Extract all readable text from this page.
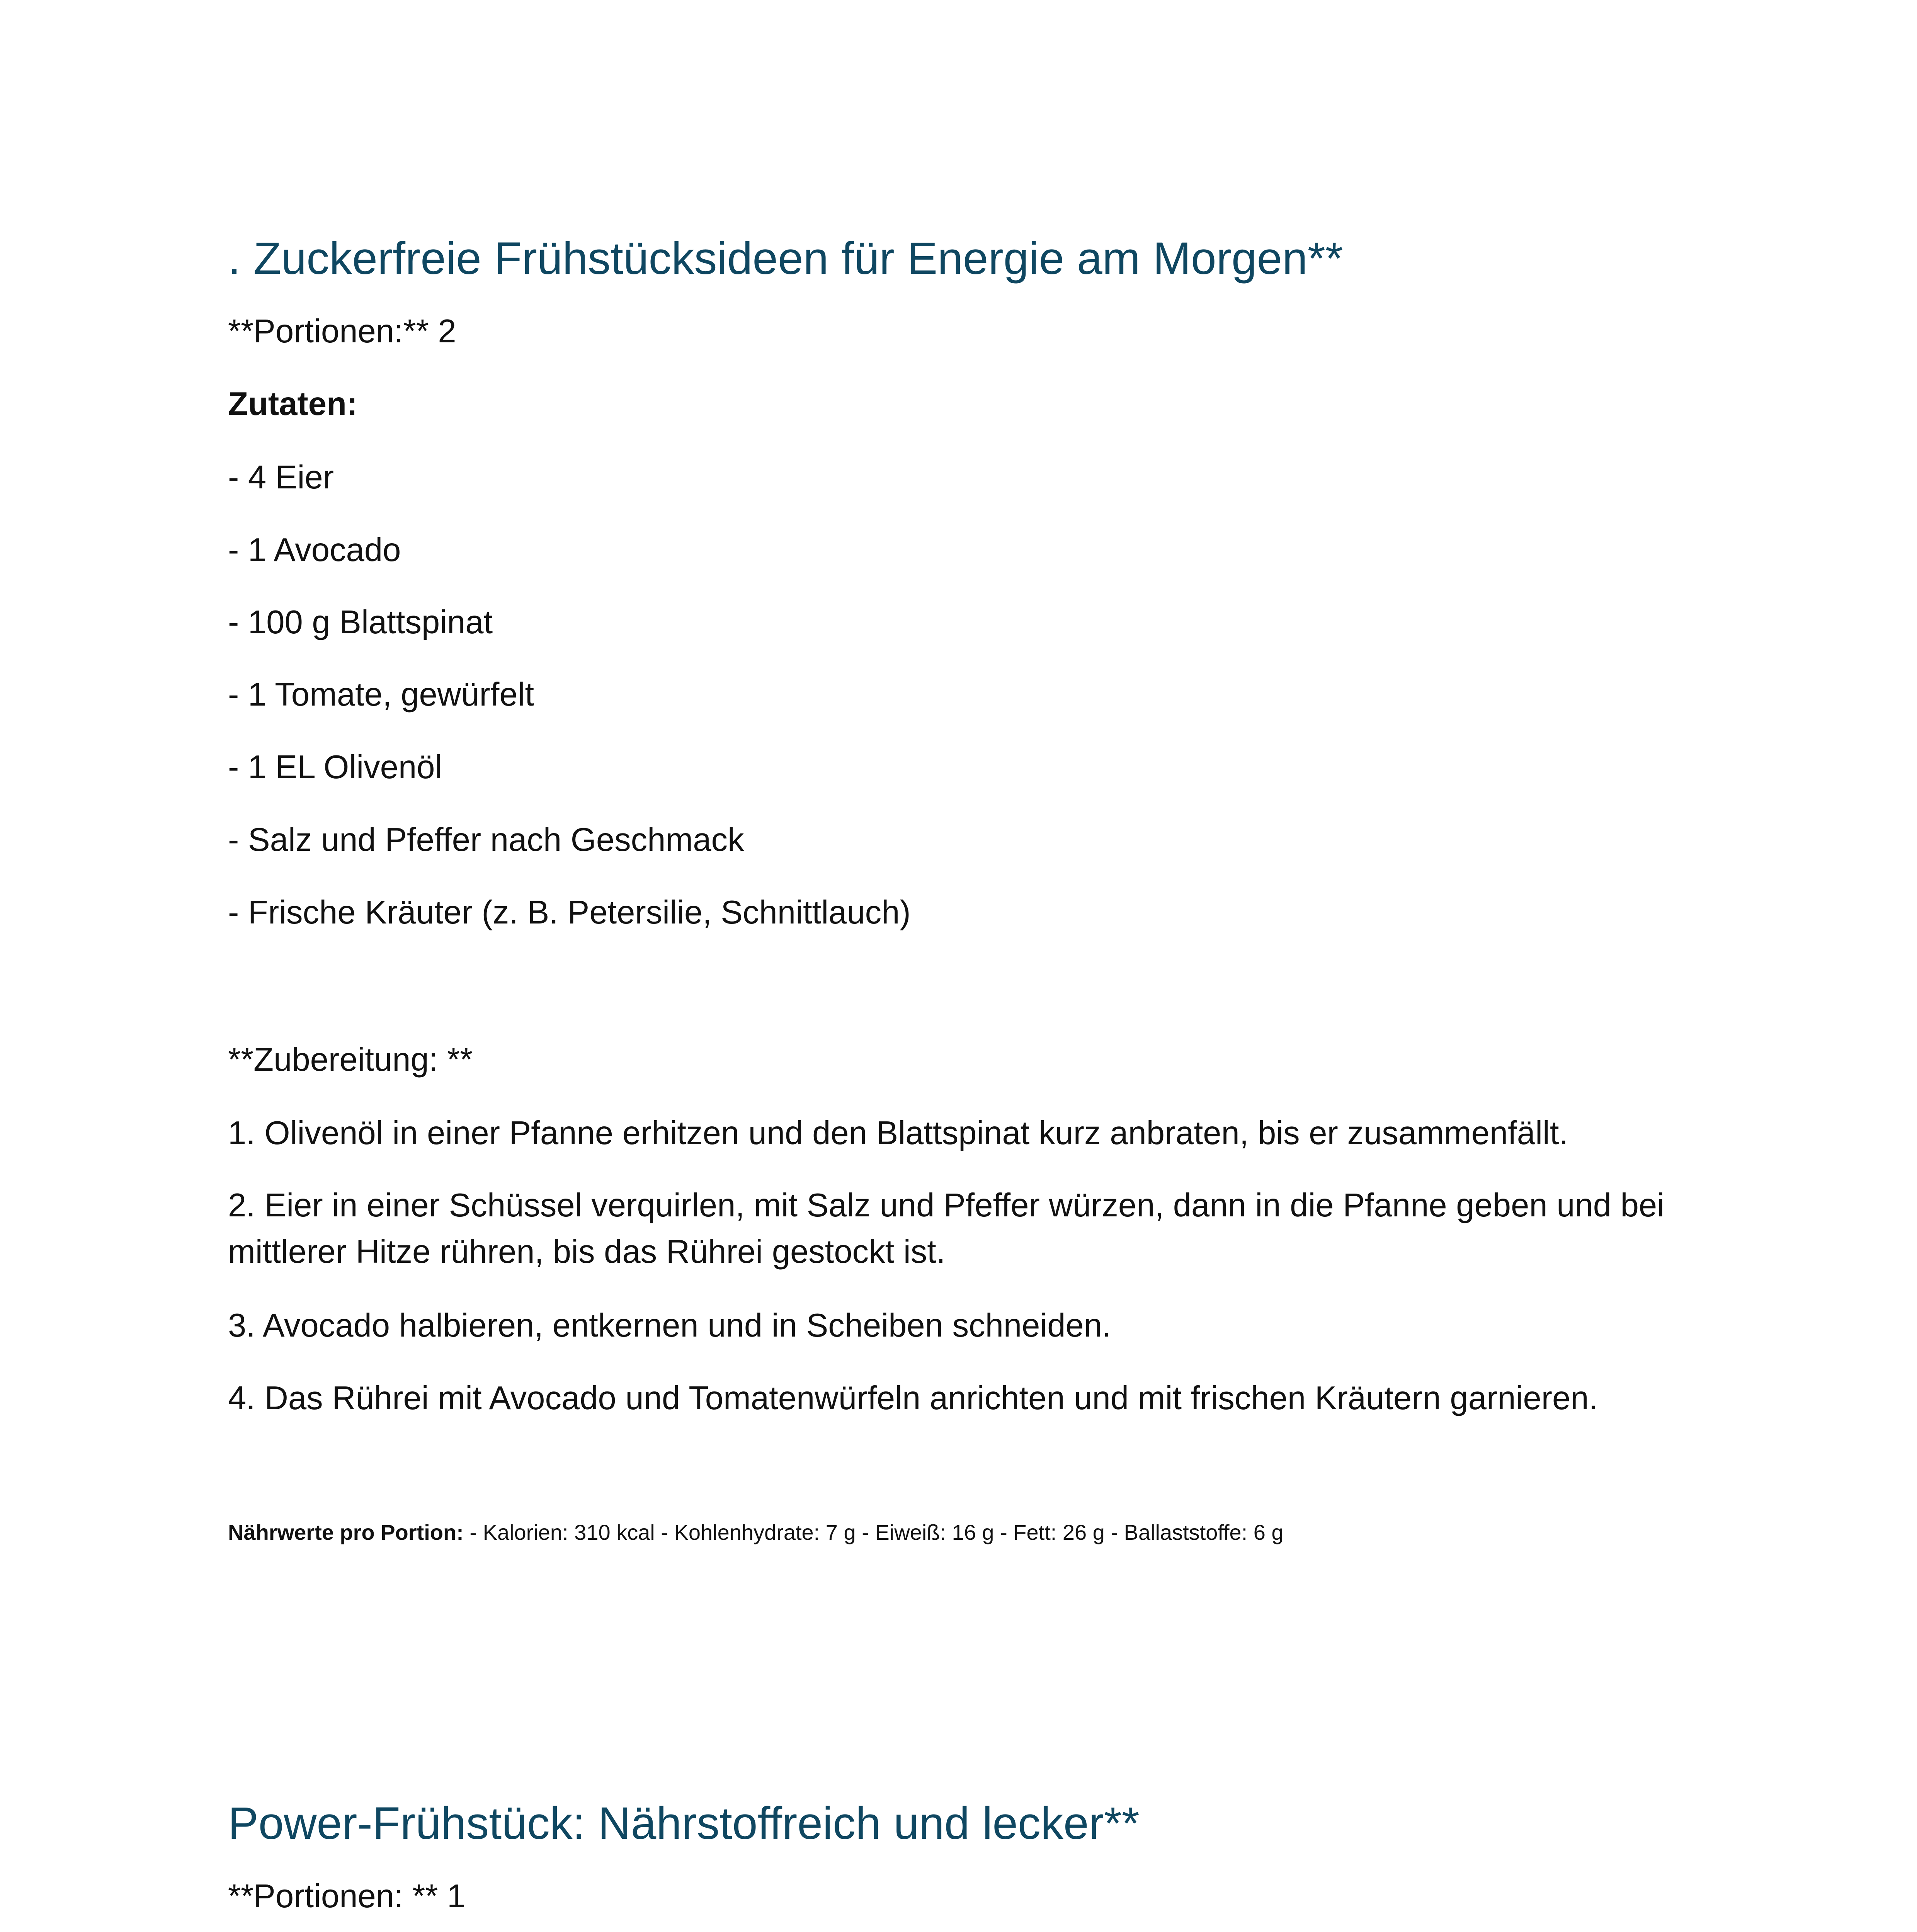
. Zuckerfreie Frühstücksideen für Energie am Morgen**
**Portionen:** 2
Zutaten:
- 4 Eier
- 1 Avocado
- 100 g Blattspinat
- 1 Tomate, gewürfelt
- 1 EL Olivenöl
- Salz und Pfeffer nach Geschmack
- Frische Kräuter (z. B. Petersilie, Schnittlauch)
**Zubereitung: **
1. Olivenöl in einer Pfanne erhitzen und den Blattspinat kurz anbraten, bis er zusammenfällt.
2. Eier in einer Schüssel verquirlen, mit Salz und Pfeffer würzen, dann in die Pfanne geben und bei mittlerer Hitze rühren, bis das Rührei gestockt ist.
3. Avocado halbieren, entkernen und in Scheiben schneiden.
4. Das Rührei mit Avocado und Tomatenwürfeln anrichten und mit frischen Kräutern garnieren.
Nährwerte pro Portion: - Kalorien: 310 kcal - Kohlenhydrate: 7 g - Eiweiß: 16 g - Fett: 26 g - Ballaststoffe: 6 g
Power-Frühstück: Nährstoffreich und lecker**
**Portionen: ** 1
